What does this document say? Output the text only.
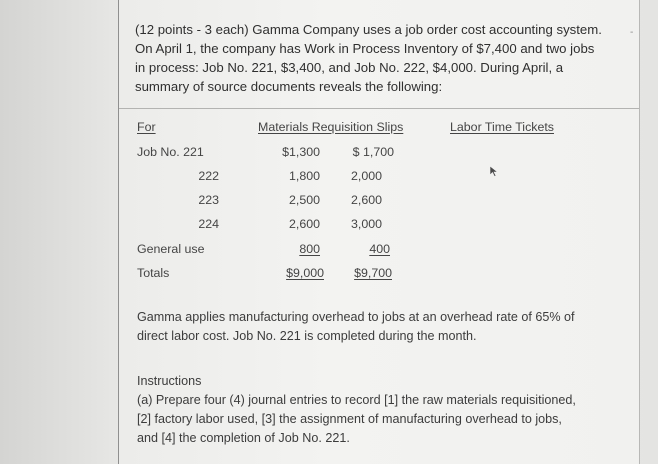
(12 points - 3 each) Gamma Company uses a job order cost accounting system.
On April 1, the company has Work in Process Inventory of $7,400 and two jobs
in process: Job No. 221, $3,400, and Job No. 222, $4,000. During April, a
summary of source documents reveals the following:
-
For	Materials Requisition Slips	Labor Time Tickets
Job No. 221	$1,300	$ 1,700
222	1,800	2,000
223	2,500	2,600
224	2,600	3,000
General use	800	400
Totals	$9,000	$9,700
Gamma applies manufacturing overhead to jobs at an overhead rate of 65% of
direct labor cost. Job No. 221 is completed during the month.
Instructions
(a) Prepare four (4) journal entries to record [1] the raw materials requisitioned,
[2] factory labor used, [3] the assignment of manufacturing overhead to jobs,
and [4] the completion of Job No. 221.
